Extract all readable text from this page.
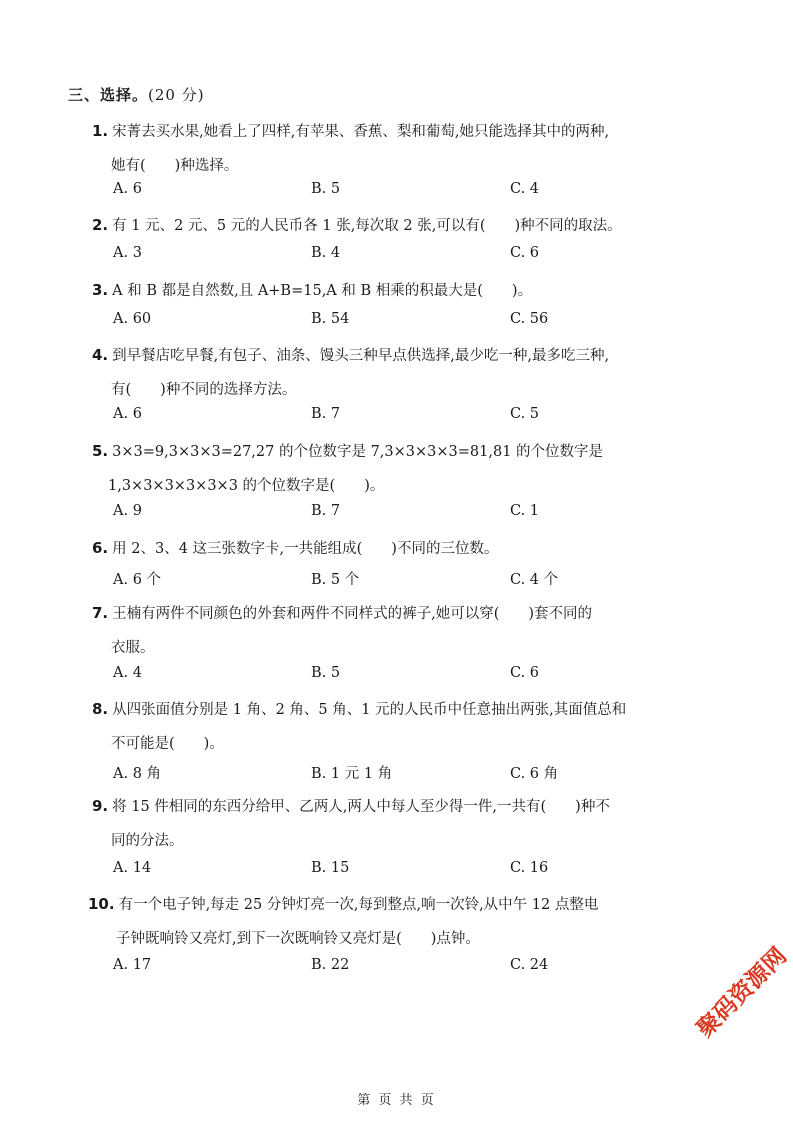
三、选择。(20 分)
1. 宋菁去买水果,她看上了四样,有苹果、香蕉、梨和葡萄,她只能选择其中的两种,
她有(　　)种选择。
A. 6	B. 5	C. 4
2. 有 1 元、2 元、5 元的人民币各 1 张,每次取 2 张,可以有(　　)种不同的取法。
A. 3	B. 4	C. 6
3. A 和 B 都是自然数,且 A+B=15,A 和 B 相乘的积最大是(　　)。
A. 60	B. 54	C. 56
4. 到早餐店吃早餐,有包子、油条、馒头三种早点供选择,最少吃一种,最多吃三种,
有(　　)种不同的选择方法。
A. 6	B. 7	C. 5
5. 3×3=9,3×3×3=27,27 的个位数字是 7,3×3×3×3=81,81 的个位数字是
1,3×3×3×3×3×3 的个位数字是(　　)。
A. 9	B. 7	C. 1
6. 用 2、3、4 这三张数字卡,一共能组成(　　)不同的三位数。
A. 6 个	B. 5 个	C. 4 个
7. 王楠有两件不同颜色的外套和两件不同样式的裤子,她可以穿(　　)套不同的
衣服。
A. 4	B. 5	C. 6
8. 从四张面值分别是 1 角、2 角、5 角、1 元的人民币中任意抽出两张,其面值总和
不可能是(　　)。
A. 8 角	B. 1 元 1 角	C. 6 角
9. 将 15 件相同的东西分给甲、乙两人,两人中每人至少得一件,一共有(　　)种不
同的分法。
A. 14	B. 15	C. 16
10. 有一个电子钟,每走 25 分钟灯亮一次,每到整点,响一次铃,从中午 12 点整电
子钟既响铃又亮灯,到下一次既响铃又亮灯是(　　)点钟。
A. 17	B. 22	C. 24	聚码资源网
第 页 共 页
